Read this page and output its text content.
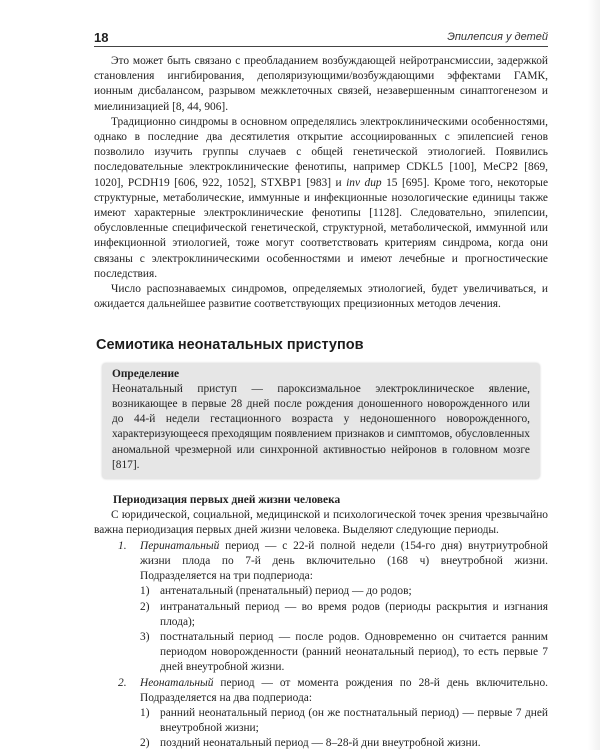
18	Эпилепсия у детей

Это может быть связано с преобладанием возбуждающей нейротрансмиссии, задержкой становления ингибирования, деполяризующими/возбуждающими эффектами ГАМК, ионным дисбалансом, разрывом межклеточных связей, незавершенным синаптогенезом и миелинизацией [8, 44, 906].

Традиционно синдромы в основном определялись электроклиническими особенностями, однако в последние два десятилетия открытие ассоциированных с эпилепсией генов позволило изучить группы случаев с общей генетической этиологией. Появились последовательные электроклинические фенотипы, например CDKL5 [100], MeCP2 [869, 1020], PCDH19 [606, 922, 1052], STXBP1 [983] и inv dup 15 [695]. Кроме того, некоторые структурные, метаболические, иммунные и инфекционные нозологические единицы также имеют характерные электроклинические фенотипы [1128]. Следовательно, эпилепсии, обусловленные специфической генетической, структурной, метаболической, иммунной или инфекционной этиологией, тоже могут соответствовать критериям синдрома, когда они связаны с электроклиническими особенностями и имеют лечебные и прогностические последствия.

Число распознаваемых синдромов, определяемых этиологией, будет увеличиваться, и ожидается дальнейшее развитие соответствующих прецизионных методов лечения.

Семиотика неонатальных приступов
Определение

Неонатальный приступ — пароксизмальное электроклиническое явление, возникающее в первые 28 дней после рождения доношенного новорожденного или до 44-й недели гестационного возраста у недоношенного новорожденного, характеризующееся преходящим появлением признаков и симптомов, обусловленных аномальной чрезмерной или синхронной активностью нейронов в головном мозге [817].

Периодизация первых дней жизни человека

С юридической, социальной, медицинской и психологической точек зрения чрезвычайно важна периодизация первых дней жизни человека. Выделяют следующие периоды.

1. Перинатальный период — с 22-й полной недели (154-го дня) внутриутробной жизни плода по 7-й день включительно (168 ч) внеутробной жизни. Подразделяется на три подпериода:
1) антенатальный (пренатальный) период — до родов;
2) интранатальный период — во время родов (периоды раскрытия и изгнания плода);
3) постнатальный период — после родов. Одновременно он считается ранним периодом новорожденности (ранний неонатальный период), то есть первые 7 дней внеутробной жизни.
2. Неонатальный период — от момента рождения по 28-й день включительно. Подразделяется на два подпериода:
1) ранний неонатальный период (он же постнатальный период) — первые 7 дней внеутробной жизни;
2) поздний неонатальный период — 8–28-й дни внеутробной жизни.
